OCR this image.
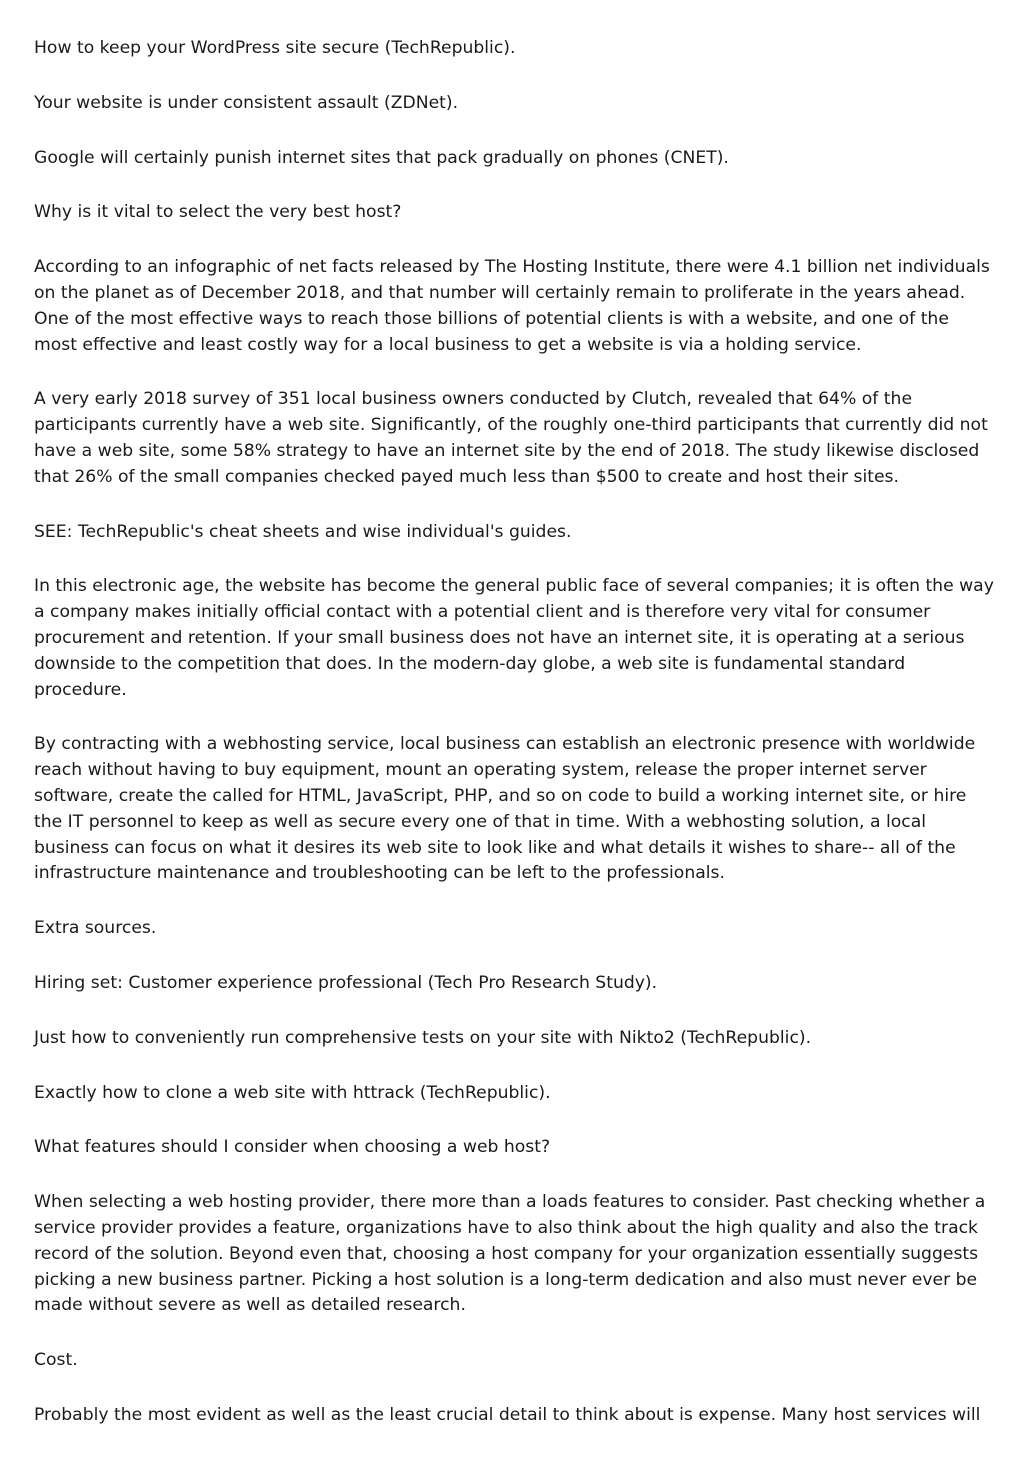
How to keep your WordPress site secure (TechRepublic).

Your website is under consistent assault (ZDNet).

Google will certainly punish internet sites that pack gradually on phones (CNET).

Why is it vital to select the very best host?

According to an infographic of net facts released by The Hosting Institute, there were 4.1 billion net individuals on the planet as of December 2018, and that number will certainly remain to proliferate in the years ahead. One of the most effective ways to reach those billions of potential clients is with a website, and one of the most effective and least costly way for a local business to get a website is via a holding service.

A very early 2018 survey of 351 local business owners conducted by Clutch, revealed that 64% of the participants currently have a web site. Significantly, of the roughly one-third participants that currently did not have a web site, some 58% strategy to have an internet site by the end of 2018. The study likewise disclosed that 26% of the small companies checked payed much less than $500 to create and host their sites.

SEE: TechRepublic's cheat sheets and wise individual's guides.

In this electronic age, the website has become the general public face of several companies; it is often the way a company makes initially official contact with a potential client and is therefore very vital for consumer procurement and retention. If your small business does not have an internet site, it is operating at a serious downside to the competition that does. In the modern-day globe, a web site is fundamental standard procedure.

By contracting with a webhosting service, local business can establish an electronic presence with worldwide reach without having to buy equipment, mount an operating system, release the proper internet server software, create the called for HTML, JavaScript, PHP, and so on code to build a working internet site, or hire the IT personnel to keep as well as secure every one of that in time. With a webhosting solution, a local business can focus on what it desires its web site to look like and what details it wishes to share-- all of the infrastructure maintenance and troubleshooting can be left to the professionals.

Extra sources.

Hiring set: Customer experience professional (Tech Pro Research Study).

Just how to conveniently run comprehensive tests on your site with Nikto2 (TechRepublic).

Exactly how to clone a web site with httrack (TechRepublic).

What features should I consider when choosing a web host?

When selecting a web hosting provider, there more than a loads features to consider. Past checking whether a service provider provides a feature, organizations have to also think about the high quality and also the track record of the solution. Beyond even that, choosing a host company for your organization essentially suggests picking a new business partner. Picking a host solution is a long-term dedication and also must never ever be made without severe as well as detailed research.

Cost.

Probably the most evident as well as the least crucial detail to think about is expense. Many host services will
